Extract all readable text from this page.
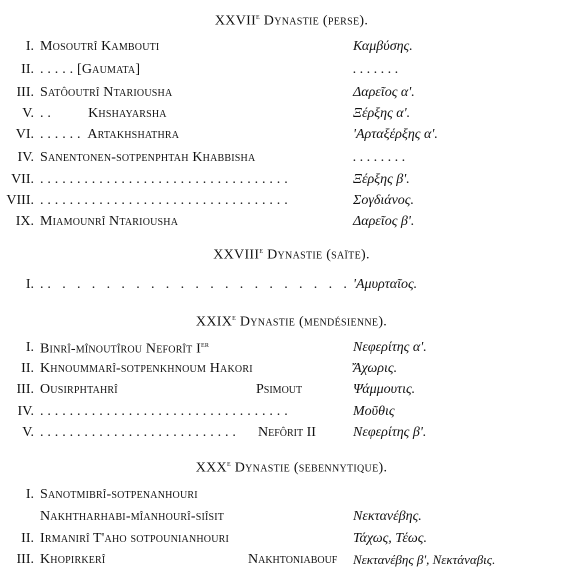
XXVIIe Dynastie (perse).
I. Mosoutrî Kambouti	Καμβύσης.
II. . . . . . [Gaumata]	. . . . . . .
III. Satôoutrî Ntariousha	Δαρεῖος α'.
V. . .          Khshayarsha	Ξέρξης α'.
VI. . . . . . .  Artakhshathra	'Αρταξέρξης α'.
IV. Sanentonen-sotpenphtah Khabbisha	. . . . . . . .
VII. . . . . . . . . . . . . . . . . . . . . . . . . . . . . . . . . . .	Ξέρξης β'.
VIII. . . . . . . . . . . . . . . . . . . . . . . . . . . . . . . . . . .	Σογδιάνος.
IX. Miamounrî Ntariousha	Δαρεῖος β'.
XXVIIIe Dynastie (saïte).
I. . .   .   .   .   .   .   .   .   .   .   .   .   .   .   .   .   .   .   .   .   . 'Αμυρταῖος.
XXIXe Dynastie (mendésienne).
I. Binrî-mînoutîrou Neforît Ier	Νεφερίτης α'.
II. Khnoummarî-sotpenkhnoum Hakori	Ἄχωρις.
III. Ousirphtahrî	Psimout	Ψάμμουτις.
IV. . . . . . . . . . . . . . . . . . . . . . . . . . . . . . . . . . .	Μοῦθις
V. . . . . . . . . . . . . . . . . . . . . . . . . . . . Nefôrit II	Νεφερίτης β'.
XXXe Dynastie (sebennytique).
I. Sanotmibrî-sotpenanhouri
Nakhtharhabi-mîanhourî-siîsit	Νεκτανέβης.
II. Irmanirî T'aho sotpounianhouri	Τάχως, Τέως.
III. Khopirkerî	Nakhtoniabouf Νεκτανέβης β', Νεκτάναβις.
